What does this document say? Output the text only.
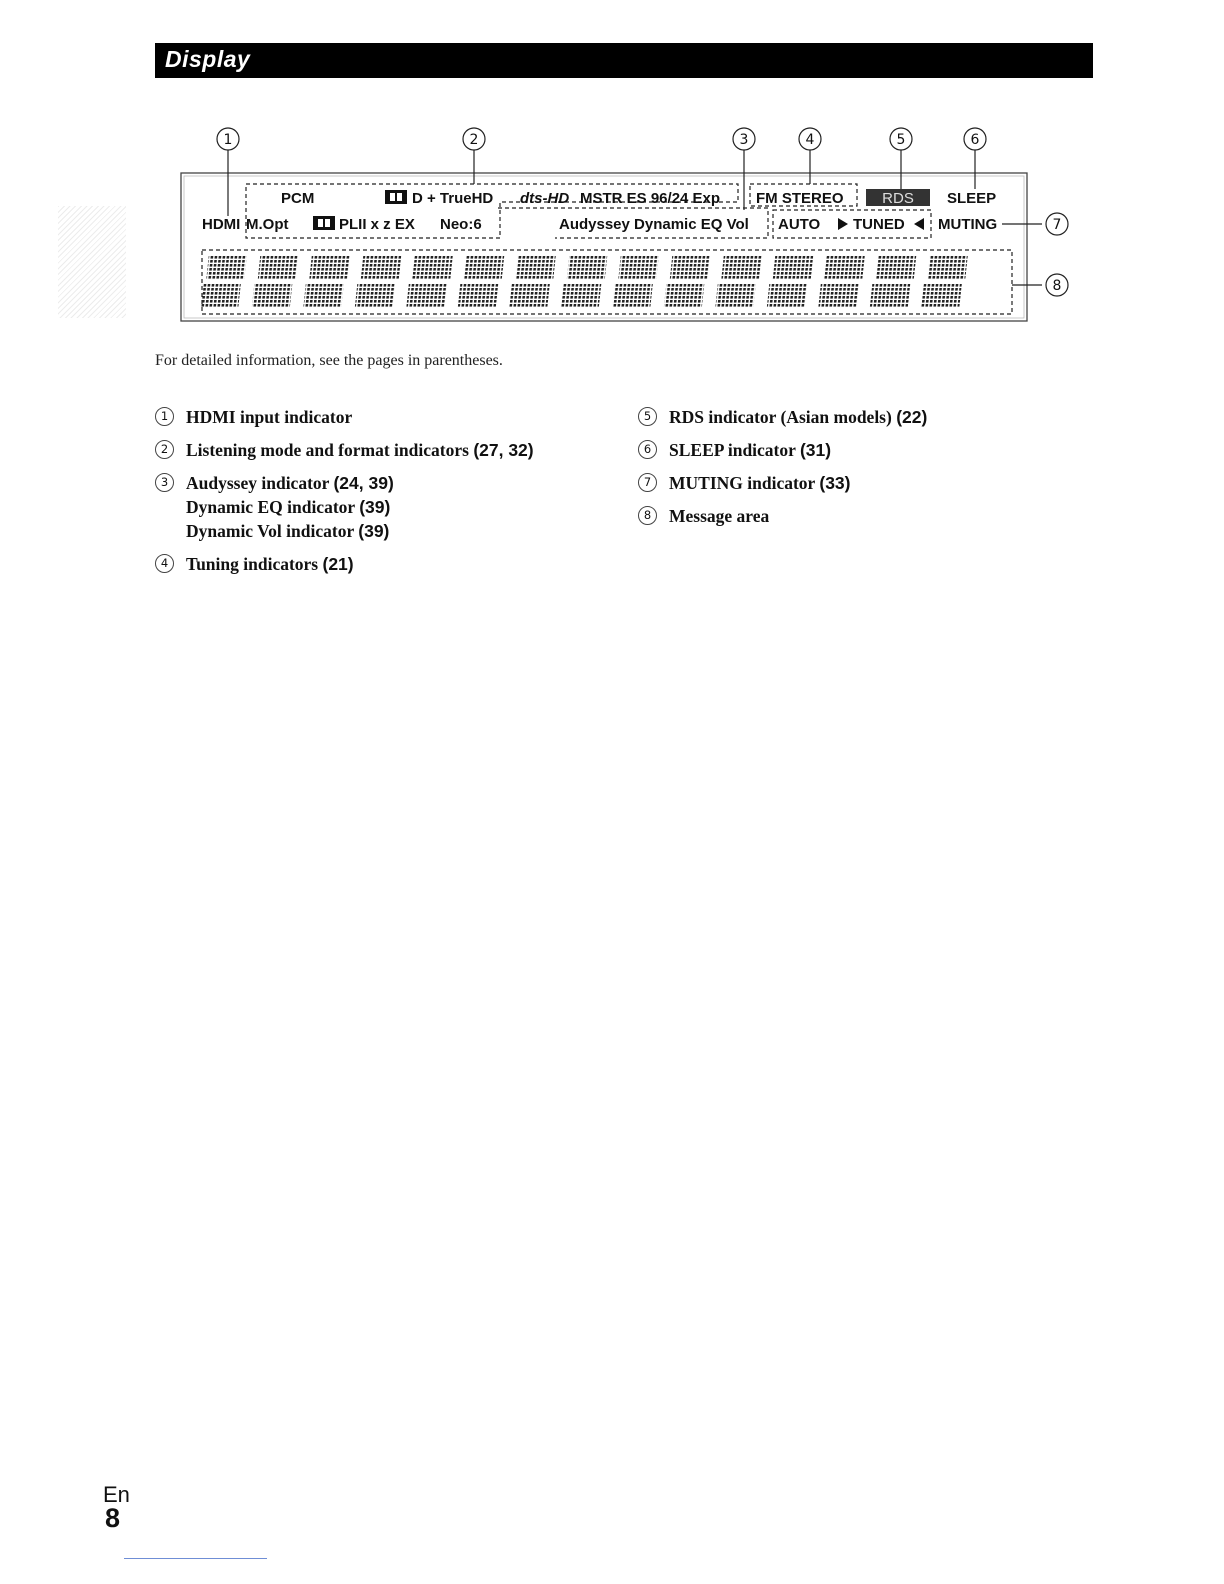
Display
1	2	3	4	5	6
7
8
PCM	D + TrueHD dts-HD MSTR ES 96/24 Exp FM STEREO	RDS SLEEP
HDMI M.Opt	PLII x z EX Neo:6	Audyssey Dynamic EQ Vol AUTO TUNED MUTING
For detailed information, see the pages in parentheses.
1	HDMI input indicator
2	Listening mode and format indicators (27, 32)
3	Audyssey indicator (24, 39)
Dynamic EQ indicator (39)
Dynamic Vol indicator (39)
4	Tuning indicators (21)
5	RDS indicator (Asian models) (22)
6	SLEEP indicator (31)
7	MUTING indicator (33)
8	Message area
En
8
